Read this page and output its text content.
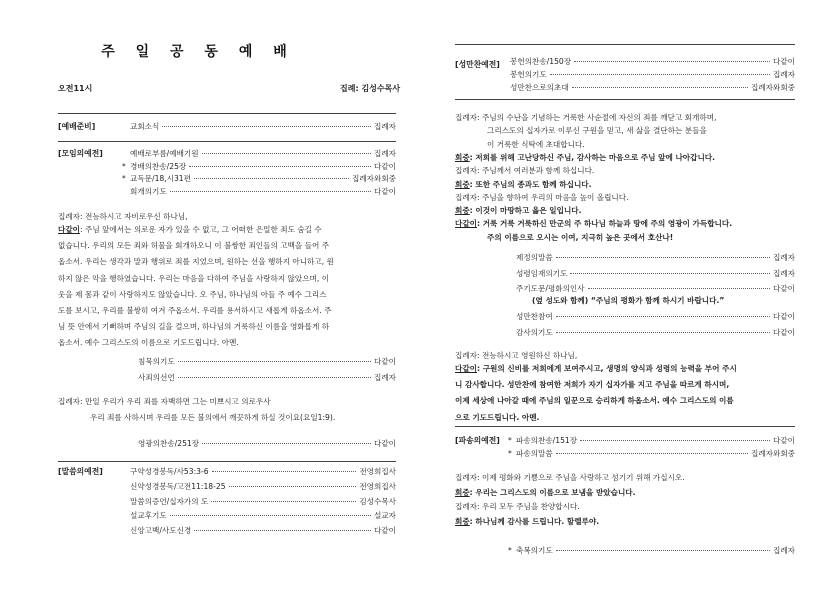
주 일 공 동 예 배
오전11시	집례: 김성수목사
[예배준비]	교회소식	집례자
[모임의예전]	예배로부름/예배기원	집례자
* 경배의찬송/25장	다같이
* 교독문/18,시31편	집례자와회중
회개의기도	다같이
집례자: 전능하시고 자비로우신 하나님,
다같이: 주님 앞에서는 의로운 자가 있을 수 없고, 그 어떠한 은밀한 죄도 숨길 수
없습니다. 우리의 모든 죄와 허물을 회개하오니 이 불쌍한 죄인들의 고백을 들어 주
옵소서. 우리는 생각과 말과 행위로 죄를 지었으며, 원하는 선을 행하지 아니하고, 원
하지 않은 악을 행하였습니다. 우리는 마음을 다하여 주님을 사랑하지 않았으며, 이
웃을 제 몸과 같이 사랑하지도 않았습니다. 오 주님, 하나님의 아들 주 예수 그리스
도를 보시고, 우리를 불쌍히 여겨 주옵소서. 우리를 용서하시고 새롭게 하옵소서. 주
님 뜻 안에서 기뻐하며 주님의 길을 걸으며, 하나님의 거룩하신 이름을 영화롭게 하
옵소서. 예수 그리스도의 이름으로 기도드립니다. 아멘.
침묵의기도	다같이
사죄의선언	집례자
집례자: 만일 우리가 우리 죄를 자백하면 그는 미쁘시고 의로우사
우리 죄를 사하시며 우리를 모든 불의에서 깨끗하게 하실 것이요(요일1:9).
영광의찬송/251장	다같이
[말씀의예전]	구약성경봉독/사53:3-6	전영희집사
신약성경봉독/고전11:18-25	전영희집사
말씀의증언/십자가의 도	김성수목사
설교후기도	설교자
신앙고백/사도신경	다같이
[성만찬예전] 봉헌의찬송/150장	다같이
봉헌의기도	집례자
성만찬으로의초대	집례자와회중
집례자: 주님의 수난을 기념하는 거룩한 사순절에 자신의 죄를 깨닫고 회개하며,
그리스도의 십자가로 이루신 구원을 믿고, 새 삶을 결단하는 분들을
이 거룩한 식탁에 초대합니다.
회중: 저희를 위해 고난당하신 주님, 감사하는 마음으로 주님 앞에 나아갑니다.
집례자: 주님께서 여러분과 함께 하십니다.
회중: 또한 주님의 종과도 함께 하십니다.
집례자: 주님을 향하여 우리의 마음을 높이 올립니다.
회중: 이것이 마땅하고 옳은 일입니다.
다같이: 거룩 거룩 거룩하신 만군의 주 하나님 하늘과 땅에 주의 영광이 가득합니다.
주의 이름으로 오시는 이여, 지극히 높은 곳에서 호산나!
제정의말씀	집례자
성령임재의기도	집례자
주기도문/평화의인사	다같이
(옆 성도와 함께) “주님의 평화가 함께 하시기 바랍니다.”
성만찬참여	다같이
감사의기도	다같이
집례자: 전능하시고 영원하신 하나님,
다같이: 구원의 신비를 저희에게 보여주시고, 생명의 양식과 성령의 능력을 부어 주시
니 감사합니다. 성만찬에 참여한 저희가 자기 십자가를 지고 주님을 따르게 하시며,
이제 세상에 나아갈 때에 주님의 일꾼으로 승리하게 하옵소서. 예수 그리스도의 이름
으로 기도드립니다. 아멘.
[파송의예전] * 파송의찬송/151장	다같이
* 파송의말씀	집례자와회중
집례자: 이제 평화와 기쁨으로 주님을 사랑하고 섬기기 위해 가십시오.
회중: 우리는 그리스도의 이름으로 보냄을 받았습니다.
집례자: 우리 모두 주님을 찬양합시다.
회중: 하나님께 감사를 드립니다. 할렐루야.
* 축복의기도	집례자
